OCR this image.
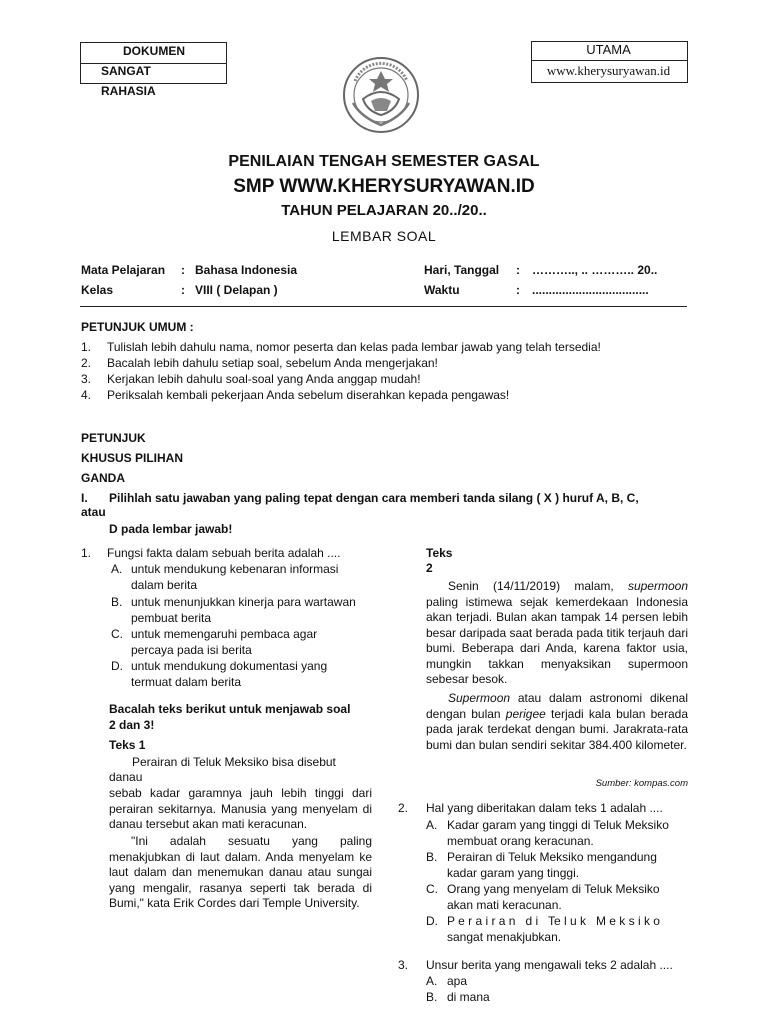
DOKUMEN
SANGAT
RAHASIA
UTAMA
www.kherysuryawan.id
PENILAIAN TENGAH SEMESTER GASAL
SMP WWW.KHERYSURYAWAN.ID
TAHUN PELAJARAN 20../20..
LEMBAR SOAL
Mata Pelajaran : Bahasa Indonesia
Kelas	: VIII ( Delapan )
Hari, Tanggal : ……….., .. ……….. 20..
Waktu	: ...................................
PETUNJUK UMUM :
1. Tulislah lebih dahulu nama, nomor peserta dan kelas pada lembar jawab yang telah tersedia!
2. Bacalah lebih dahulu setiap soal, sebelum Anda mengerjakan!
3. Kerjakan lebih dahulu soal-soal yang Anda anggap mudah!
4. Periksalah kembali pekerjaan Anda sebelum diserahkan kepada pengawas!
PETUNJUK
KHUSUS PILIHAN
GANDA
I. Pilihlah satu jawaban yang paling tepat dengan cara memberi tanda silang ( X ) huruf A, B, C,
atau
D pada lembar jawab!
1. Fungsi fakta dalam sebuah berita adalah ....
A. untuk mendukung kebenaran informasi
dalam berita
B. untuk menunjukkan kinerja para wartawan
pembuat berita
C. untuk memengaruhi pembaca agar
percaya pada isi berita
D. untuk mendukung dokumentasi yang
termuat dalam berita
Bacalah teks berikut untuk menjawab soal
2 dan 3!
Teks 1
Perairan di Teluk Meksiko bisa disebut
danau

sebab kadar garamnya jauh lebih tinggi dari perairan sekitarnya. Manusia yang menyelam di danau tersebut akan mati keracunan.

"Ini adalah sesuatu yang paling menakjubkan di laut dalam. Anda menyelam ke laut dalam dan menemukan danau atau sungai yang mengalir, rasanya seperti tak berada di Bumi," kata Erik Cordes dari Temple University.

Teks
2

Senin (14/11/2019) malam, supermoon paling istimewa sejak kemerdekaan Indonesia akan terjadi. Bulan akan tampak 14 persen lebih besar daripada saat berada pada titik terjauh dari bumi. Beberapa dari Anda, karena faktor usia, mungkin takkan menyaksikan supermoon sebesar besok.

Supermoon atau dalam astronomi dikenal dengan bulan perigee terjadi kala bulan berada pada jarak terdekat dengan bumi. Jarakrata-rata bumi dan bulan sendiri sekitar 384.400 kilometer.

Sumber: kompas.com
2. Hal yang diberitakan dalam teks 1 adalah ....
A. Kadar garam yang tinggi di Teluk Meksiko
membuat orang keracunan.
B. Perairan di Teluk Meksiko mengandung
kadar garam yang tinggi.
C. Orang yang menyelam di Teluk Meksiko
akan mati keracunan.
D. P e r a i r a n   d i   Te l u k   M e k s i k o
sangat menakjubkan.
3. Unsur berita yang mengawali teks 2 adalah ....
A. apa
B. di mana
